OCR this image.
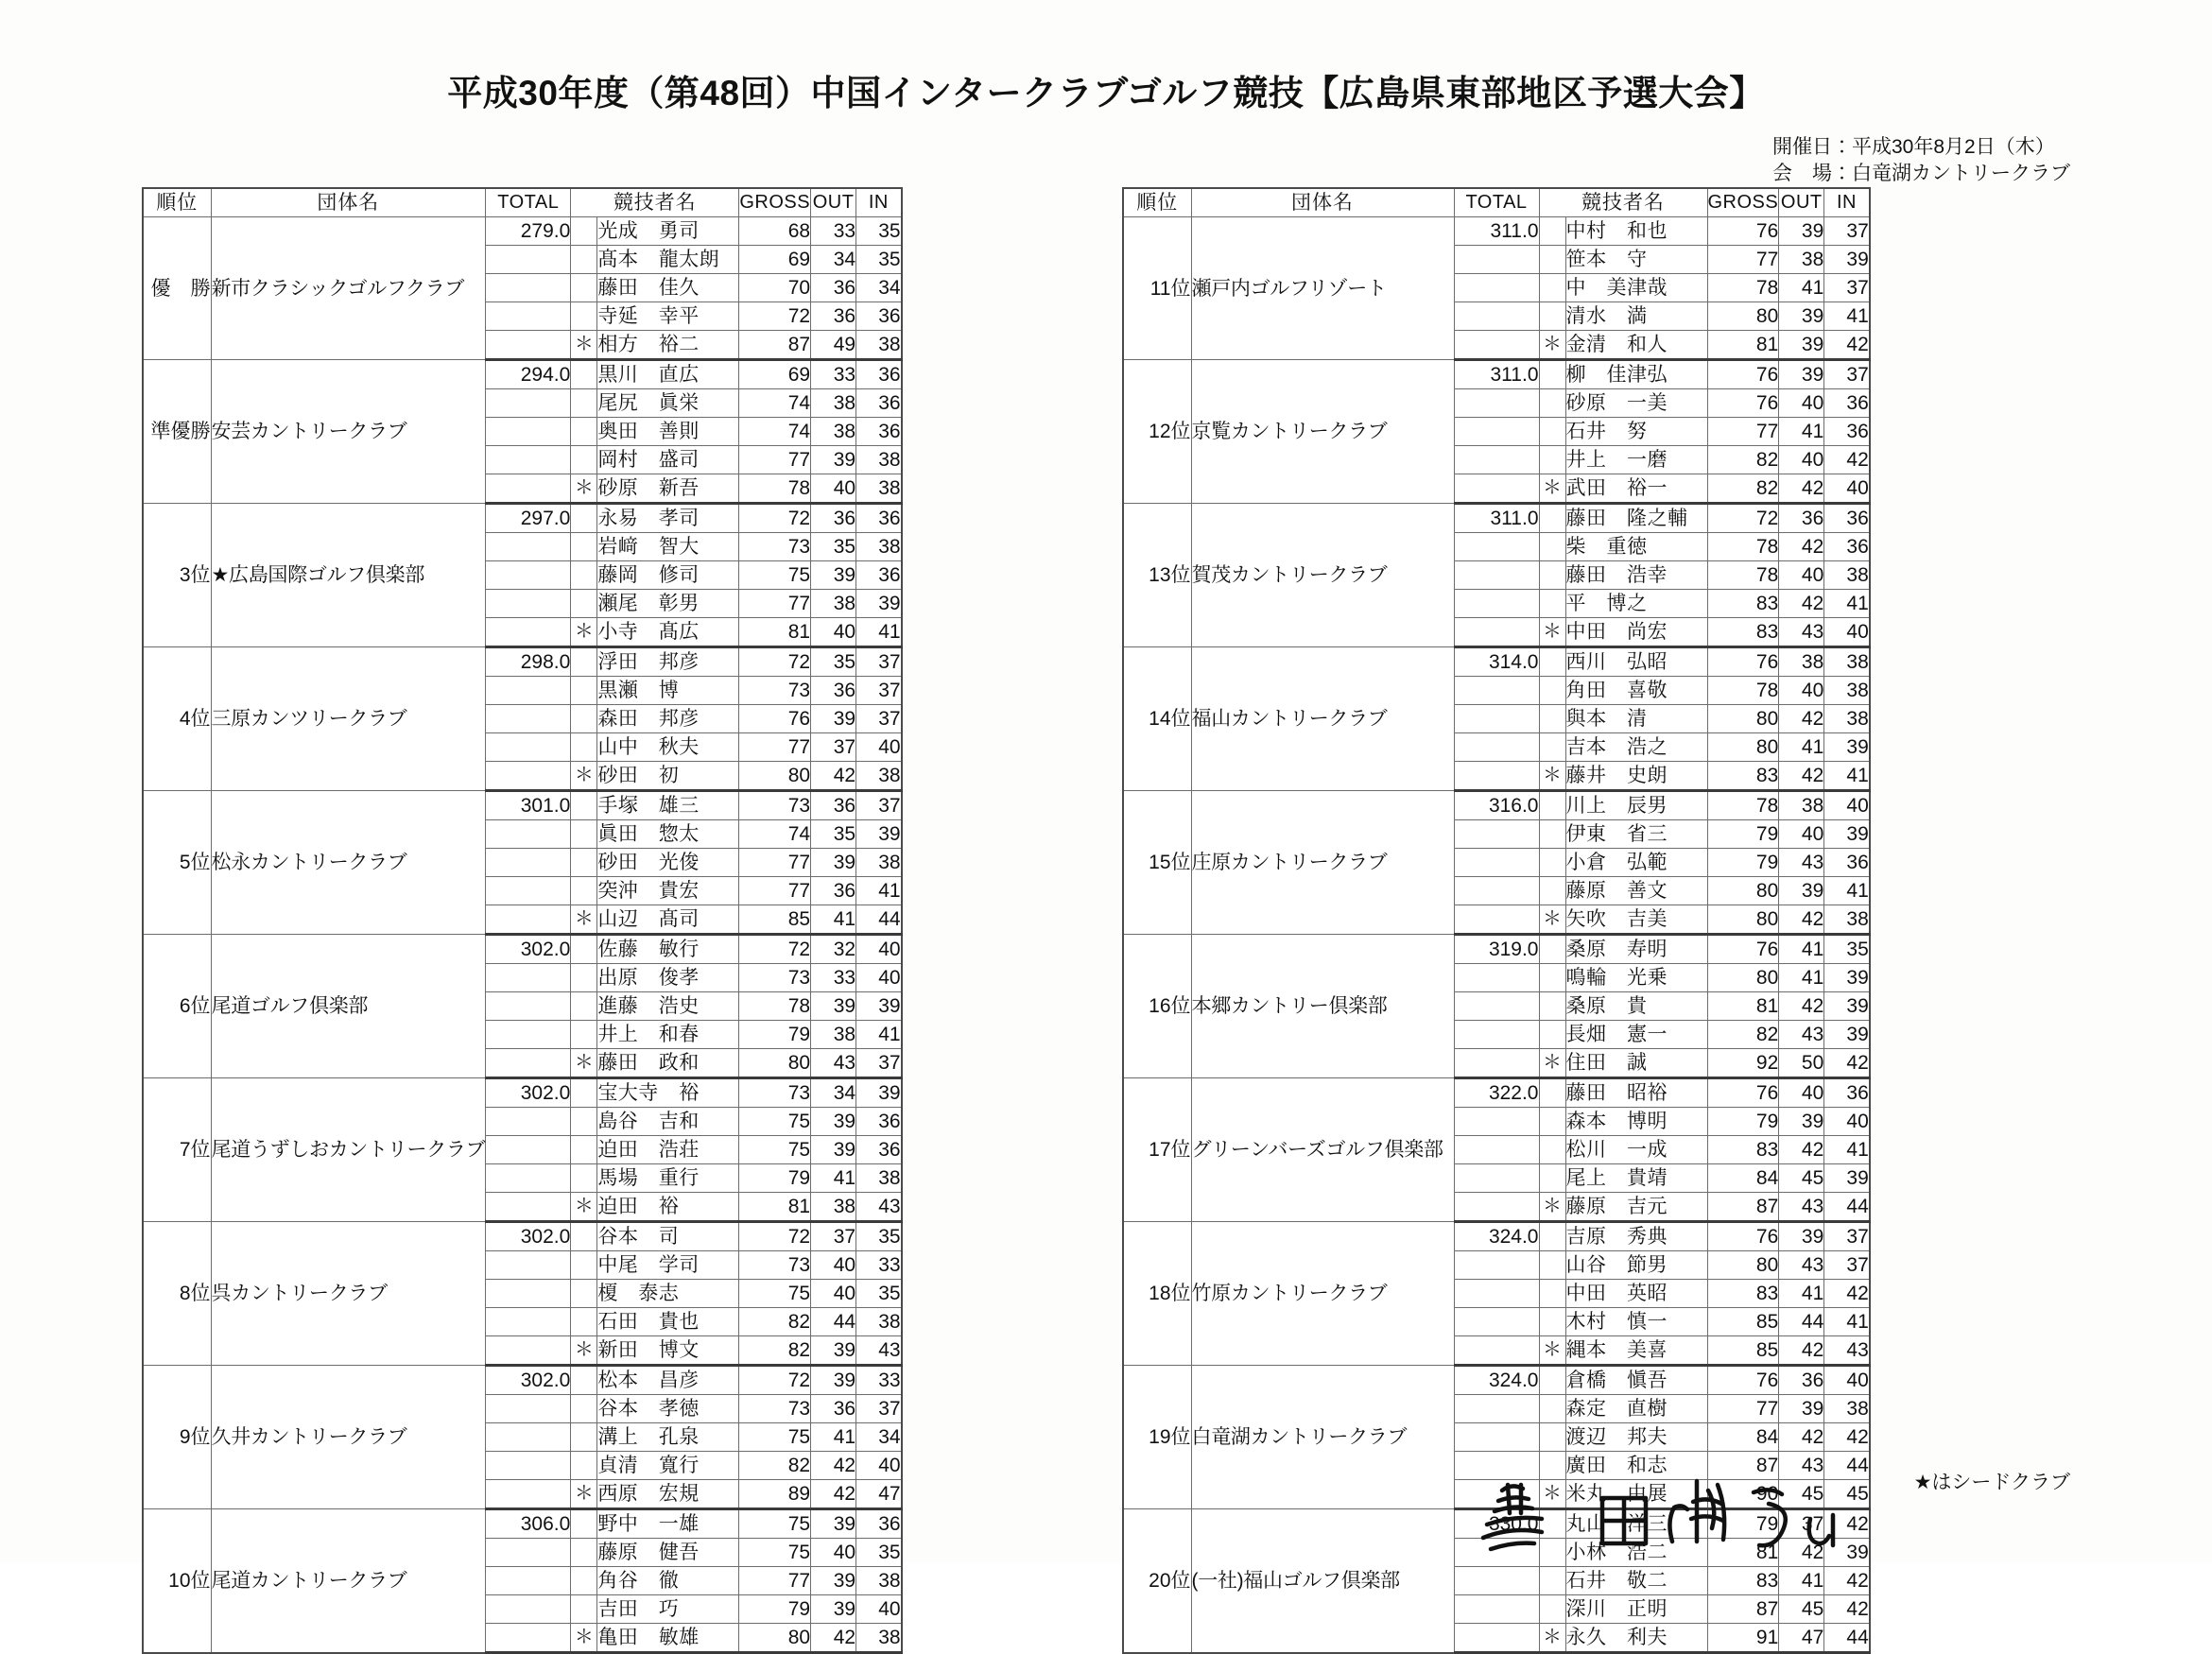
平成30年度（第48回）中国インタークラブゴルフ競技【広島県東部地区予選大会】
開催日：平成30年8月2日（木）
会　場：白竜湖カントリークラブ
順位	団体名	TOTAL	競技者名		GROSS	OUT	IN
優　勝	新市クラシックゴルフクラブ	279.0		光成　勇司	68	33	35
				髙本　龍太朗	69	34	35
				藤田　佳久	70	36	34
				寺延　幸平	72	36	36
			＊	相方　裕二	87	49	38
準優勝	安芸カントリークラブ	294.0		黒川　直広	69	33	36
				尾尻　眞栄	74	38	36
				奥田　善則	74	38	36
				岡村　盛司	77	39	38
			＊	砂原　新吾	78	40	38
3位	★広島国際ゴルフ倶楽部	297.0		永易　孝司	72	36	36
				岩﨑　智大	73	35	38
				藤岡　修司	75	39	36
				瀬尾　彰男	77	38	39
			＊	小寺　髙広	81	40	41
4位	三原カンツリークラブ	298.0		浮田　邦彦	72	35	37
				黒瀬　博	73	36	37
				森田　邦彦	76	39	37
				山中　秋夫	77	37	40
			＊	砂田　初	80	42	38
5位	松永カントリークラブ	301.0		手塚　雄三	73	36	37
				眞田　惣太	74	35	39
				砂田　光俊	77	39	38
				突沖　貴宏	77	36	41
			＊	山辺　髙司	85	41	44
6位	尾道ゴルフ倶楽部	302.0		佐藤　敏行	72	32	40
				出原　俊孝	73	33	40
				進藤　浩史	78	39	39
				井上　和春	79	38	41
			＊	藤田　政和	80	43	37
7位	尾道うずしおカントリークラブ	302.0		宝大寺　裕	73	34	39
				島谷　吉和	75	39	36
				迫田　浩荘	75	39	36
				馬場　重行	79	41	38
			＊	迫田　裕	81	38	43
8位	呉カントリークラブ	302.0		谷本　司	72	37	35
				中尾　学司	73	40	33
				榎　泰志	75	40	35
				石田　貴也	82	44	38
			＊	新田　博文	82	39	43
9位	久井カントリークラブ	302.0		松本　昌彦	72	39	33
				谷本　孝徳	73	36	37
				溝上　孔泉	75	41	34
				貞清　寬行	82	42	40
			＊	西原　宏規	89	42	47
10位	尾道カントリークラブ	306.0		野中　一雄	75	39	36
				藤原　健吾	75	40	35
				角谷　徹	77	39	38
				吉田　巧	79	39	40
			＊	亀田　敏雄	80	42	38
順位	団体名	TOTAL	競技者名		GROSS	OUT	IN
11位	瀬戸内ゴルフリゾート	311.0		中村　和也	76	39	37
				笹本　守	77	38	39
				中　美津哉	78	41	37
				清水　満	80	39	41
			＊	金清　和人	81	39	42
12位	京覧カントリークラブ	311.0		柳　佳津弘	76	39	37
				砂原　一美	76	40	36
				石井　努	77	41	36
				井上　一磨	82	40	42
			＊	武田　裕一	82	42	40
13位	賀茂カントリークラブ	311.0		藤田　隆之輔	72	36	36
				柴　重徳	78	42	36
				藤田　浩幸	78	40	38
				平　博之	83	42	41
			＊	中田　尚宏	83	43	40
14位	福山カントリークラブ	314.0		西川　弘昭	76	38	38
				角田　喜敬	78	40	38
				與本　清	80	42	38
				吉本　浩之	80	41	39
			＊	藤井　史朗	83	42	41
15位	庄原カントリークラブ	316.0		川上　辰男	78	38	40
				伊東　省三	79	40	39
				小倉　弘範	79	43	36
				藤原　善文	80	39	41
			＊	矢吹　吉美	80	42	38
16位	本郷カントリー倶楽部	319.0		桑原　寿明	76	41	35
				鳴輪　光乗	80	41	39
				桑原　貴	81	42	39
				長畑　憲一	82	43	39
			＊	住田　誠	92	50	42
17位	グリーンバーズゴルフ倶楽部	322.0		藤田　昭裕	76	40	36
				森本　博明	79	39	40
				松川　一成	83	42	41
				尾上　貴靖	84	45	39
			＊	藤原　吉元	87	43	44
18位	竹原カントリークラブ	324.0		吉原　秀典	76	39	37
				山谷　節男	80	43	37
				中田　英昭	83	41	42
				木村　慎一	85	44	41
			＊	縄本　美喜	85	42	43
19位	白竜湖カントリークラブ	324.0		倉橋　愼吾	76	36	40
				森定　直樹	77	39	38
				渡辺　邦夫	84	42	42
				廣田　和志	87	43	44
			＊	米丸　由展	90	45	45
20位	(一社)福山ゴルフ倶楽部	330.0		丸山　洋三	79	37	42
				小林　浩二	81	42	39
				石井　敬二	83	41	42
				深川　正明	87	45	42
			＊	永久　利夫	91	47	44
★はシードクラブ
